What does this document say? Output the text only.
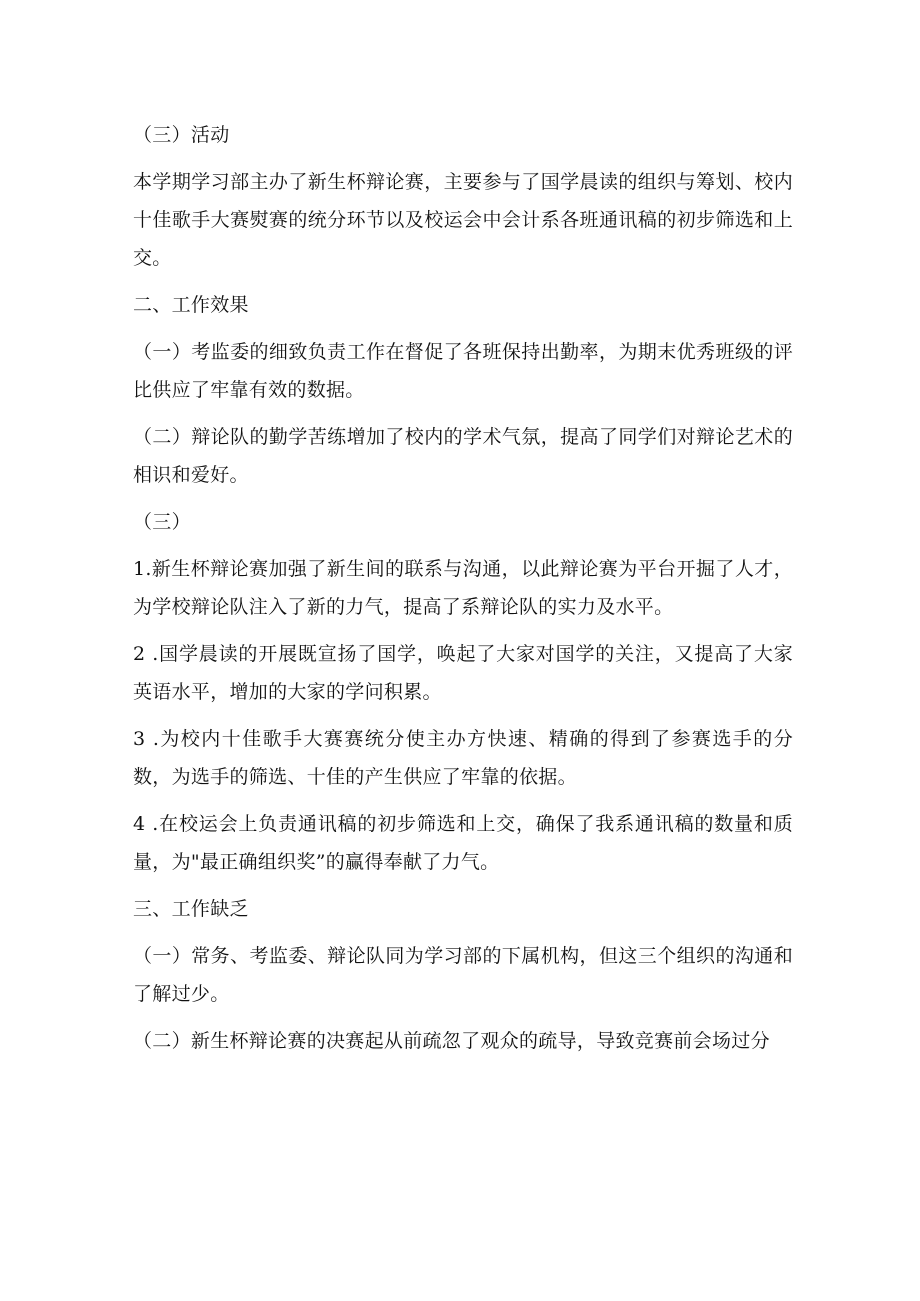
（三）活动

本学期学习部主办了新生杯辩论赛，主要参与了国学晨读的组织与筹划、校内十佳歌手大赛熨赛的统分环节以及校运会中会计系各班通讯稿的初步筛选和上交。

二、工作效果

（一）考监委的细致负责工作在督促了各班保持出勤率，为期末优秀班级的评比供应了牢靠有效的数据。

（二）辩论队的勤学苦练增加了校内的学术气氛，提高了同学们对辩论艺术的相识和爱好。

（三）

1.新生杯辩论赛加强了新生间的联系与沟通，以此辩论赛为平台开掘了人才，为学校辩论队注入了新的力气，提高了系辩论队的实力及水平。

2 .国学晨读的开展既宣扬了国学，唤起了大家对国学的关注，又提高了大家英语水平，增加的大家的学问积累。

3 .为校内十佳歌手大赛赛统分使主办方快速、精确的得到了参赛选手的分数，为选手的筛选、十佳的产生供应了牢靠的依据。

4 .在校运会上负责通讯稿的初步筛选和上交，确保了我系通讯稿的数量和质量，为"最正确组织奖”的赢得奉献了力气。

三、工作缺乏

（一）常务、考监委、辩论队同为学习部的下属机构，但这三个组织的沟通和了解过少。

（二）新生杯辩论赛的决赛起从前疏忽了观众的疏导，导致竞赛前会场过分
